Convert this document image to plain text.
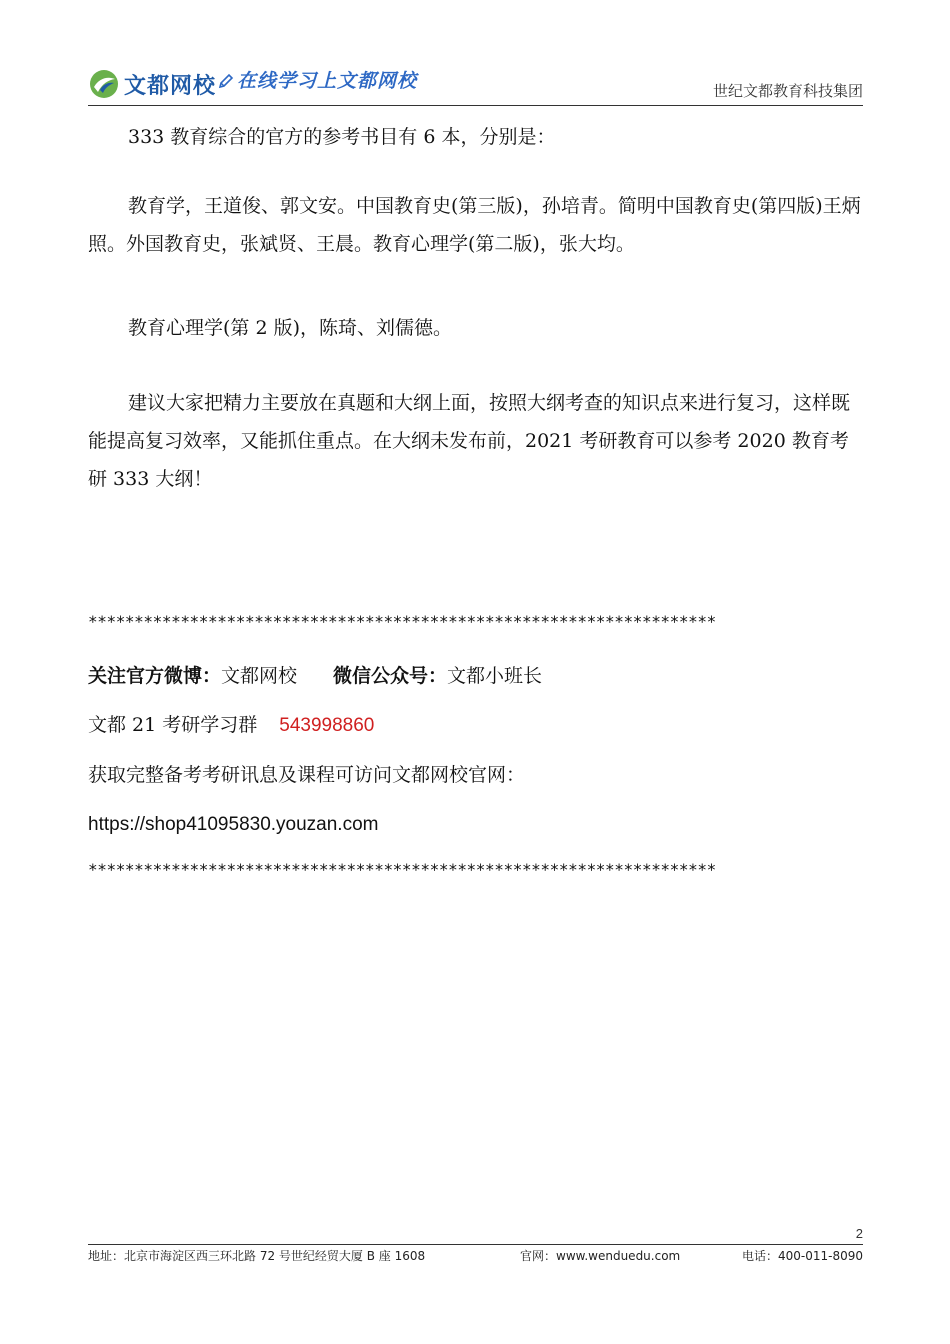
文都网校	在线学习上文都网校	世纪文都教育科技集团

333 教育综合的官方的参考书目有 6 本，分别是：

教育学，王道俊、郭文安。中国教育史(第三版)，孙培青。简明中国教育史(第四版)王炳照。外国教育史，张斌贤、王晨。教育心理学(第二版)，张大均。

教育心理学(第 2 版)，陈琦、刘儒德。

建议大家把精力主要放在真题和大纲上面，按照大纲考查的知识点来进行复习，这样既能提高复习效率，又能抓住重点。在大纲未发布前，2021 考研教育可以参考 2020 教育考研 333 大纲！

********************************************************************
关注官方微博：文都网校 微信公众号：文都小班长
文都 21 考研学习群 543998860
获取完整备考考研讯息及课程可访问文都网校官网：
https://shop41095830.youzan.com
********************************************************************
2
地址：北京市海淀区西三环北路 72 号世纪经贸大厦 B 座 1608	官网：www.wenduedu.com	电话：400-011-8090
